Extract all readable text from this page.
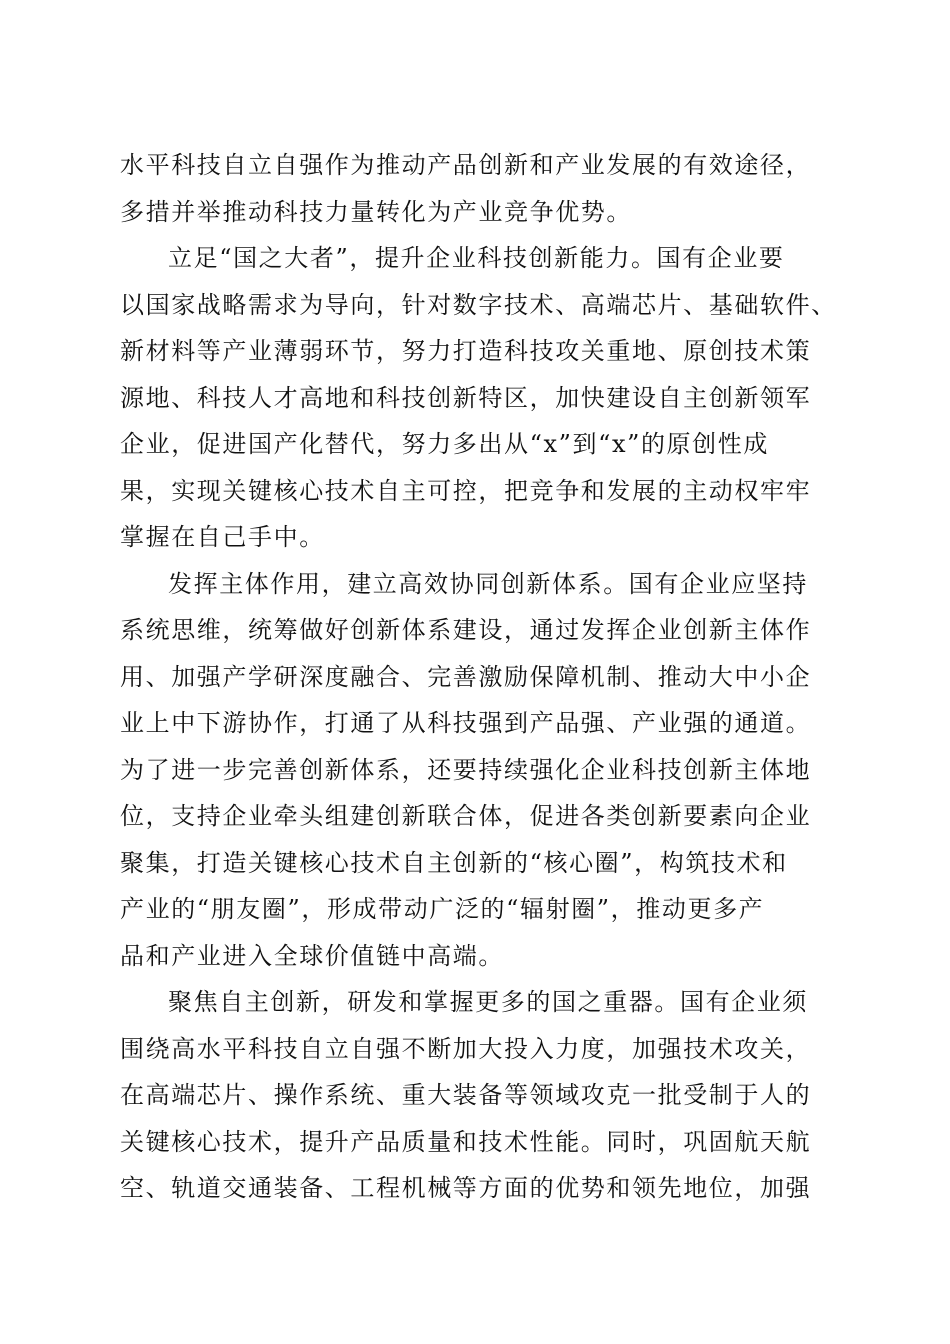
水平科技自立自强作为推动产品创新和产业发展的有效途径，
多措并举推动科技力量转化为产业竞争优势。
立足“国之大者”，提升企业科技创新能力。国有企业要
以国家战略需求为导向，针对数字技术、高端芯片、基础软件、
新材料等产业薄弱环节，努力打造科技攻关重地、原创技术策
源地、科技人才高地和科技创新特区，加快建设自主创新领军
企业，促进国产化替代，努力多出从“x”到“x”的原创性成
果，实现关键核心技术自主可控，把竞争和发展的主动权牢牢
掌握在自己手中。
发挥主体作用，建立高效协同创新体系。国有企业应坚持
系统思维，统筹做好创新体系建设，通过发挥企业创新主体作
用、加强产学研深度融合、完善激励保障机制、推动大中小企
业上中下游协作，打通了从科技强到产品强、产业强的通道。
为了进一步完善创新体系，还要持续强化企业科技创新主体地
位，支持企业牵头组建创新联合体，促进各类创新要素向企业
聚集，打造关键核心技术自主创新的“核心圈”，构筑技术和
产业的“朋友圈”，形成带动广泛的“辐射圈”，推动更多产
品和产业进入全球价值链中高端。
聚焦自主创新，研发和掌握更多的国之重器。国有企业须
围绕高水平科技自立自强不断加大投入力度，加强技术攻关，
在高端芯片、操作系统、重大装备等领域攻克一批受制于人的
关键核心技术，提升产品质量和技术性能。同时，巩固航天航
空、轨道交通装备、工程机械等方面的优势和领先地位，加强
